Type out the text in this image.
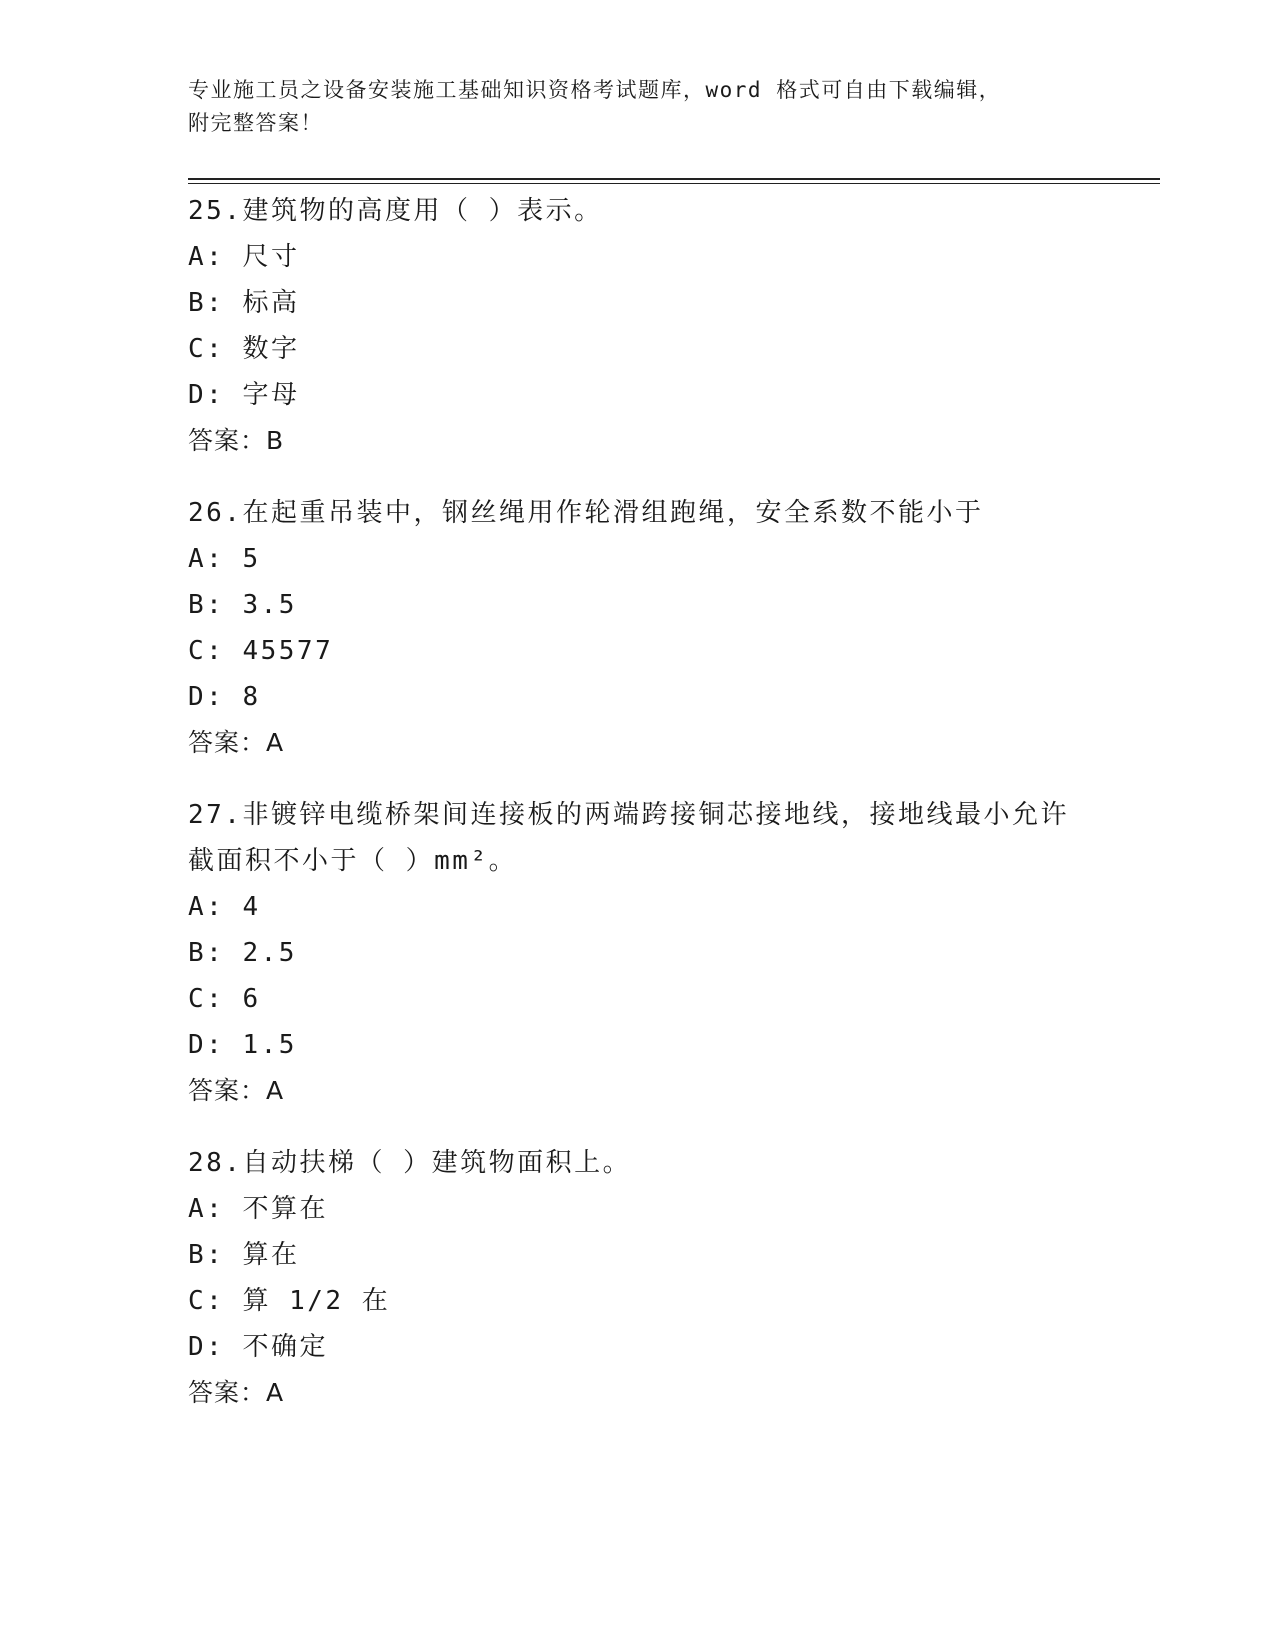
专业施工员之设备安装施工基础知识资格考试题库，word 格式可自由下载编辑，
附完整答案！

25.建筑物的高度用（ ）表示。

A: 尺寸
B: 标高
C: 数字
D: 字母
答案：B

26.在起重吊装中，钢丝绳用作轮滑组跑绳，安全系数不能小于

A: 5
B: 3.5
C: 45577
D: 8
答案：A

27.非镀锌电缆桥架间连接板的两端跨接铜芯接地线，接地线最小允许截面积不小于（ ）mm²。

A: 4
B: 2.5
C: 6
D: 1.5
答案：A

28.自动扶梯（ ）建筑物面积上。

A: 不算在
B: 算在
C: 算 1/2 在
D: 不确定
答案：A
